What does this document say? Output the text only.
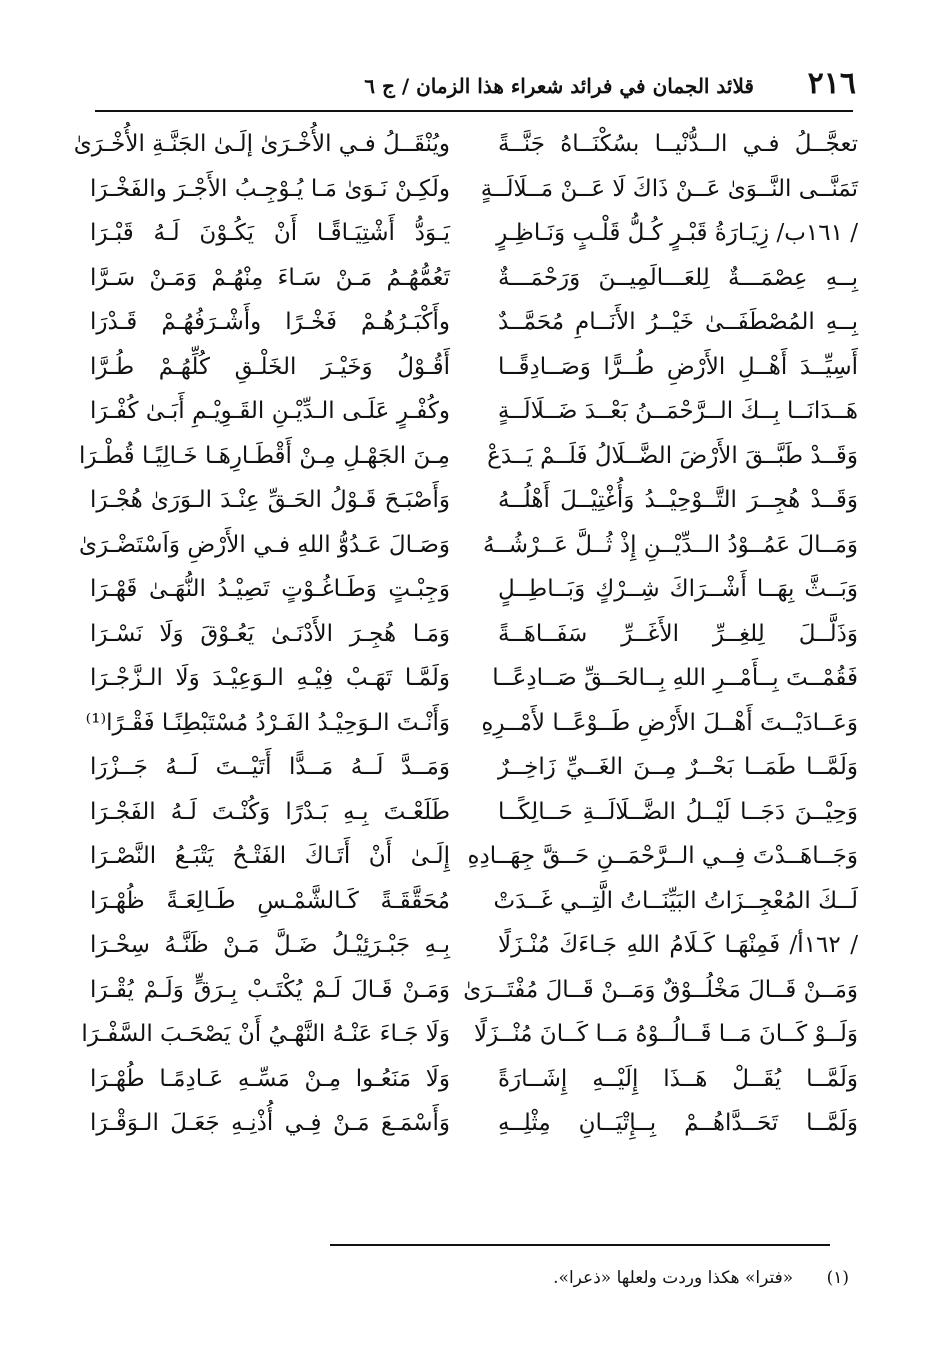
٢١٦
قلائد الجمان في فرائد شعراء هذا الزمان / ج ٦
تعجَّــلُ فـي الــدُّنْيــا بسُكْنَــاهُ جَنَّــةً
ويُنْقَــلُ فـي الأُخْـرَىٰ إلَـىٰ الجَنَّـةِ الأُخْـرَىٰ
تَمَنَّــى النَّــوَىٰ عَــنْ ذَاكَ لَا عَــنْ مَــلَالَــةٍ
ولَكِـنْ نَـوَىٰ مَـا يُـوْجِـبُ الأَجْـرَ والفَخْـرَا
/ ١٦١ب/ زِيَـارَةُ قَبْـرٍ كُـلُّ قَلْـبٍ وَنَـاظِـرٍ
يَـوَدُّ أَشْتِيَـاقًـا أَنْ يَكُـوْنَ لَـهُ قَبْـرَا
بِــهِ عِصْمَـــةٌ لِلعَـــالَمِيــنَ وَرَحْمَـــةٌ
تَعُمُّهُـمُ مَـنْ سَـاءَ مِنْهُـمْ وَمَـنْ سَـرَّا
بِــهِ المُصْطَفَــىٰ خَيْــرُ الأَنَــامِ مُحَمَّــدٌ
وأَكْبَـرُهُـمْ فَخْـرًا وأَشْـرَفُهُـمْ قَـدْرَا
أَسِيِّــدَ أَهْــلِ الأَرْضِ طُــرًّا وَصَــادِقًــا
أَقُـوْلُ وَخَيْـرَ الخَلْـقِ كُلِّهُـمْ طُـرَّا
هَــدَانَــا بِــكَ الــرَّحْمَــنُ بَعْــدَ ضَــلَالَــةٍ
وكُفْـرٍ عَلَـى الـدِّيْـنِ القَـوِيْـمِ أَبَـىٰ كُفْـرَا
وَقَــدْ طَبَّــقَ الأَرْضَ الضَّــلَالُ فَلَــمْ يَــدَعْ
مِـنَ الجَهْـلِ مِـنْ أَقْطَـارِهَـا خَـالِيًـا قُطْـرَا
وَقَــدْ هُجِــرَ التَّــوْحِيْــدُ وَأُغْتِيْــلَ أَهْلُــهُ
وَأَصْبَـحَ قَـوْلُ الحَـقِّ عِنْـدَ الـوَرَىٰ هُجْـرَا
وَمَــالَ عَمُــوْدُ الــدِّيْــنِ إِذْ ثُــلَّ عَــرْشُــهُ
وَصَـالَ عَـدُوُّ اللهِ فـي الأَرْضِ وَاَسْتَضْـرَىٰ
وَبَــثَّ بِهَــا أَشْــرَاكَ شِــرْكٍ وَبَــاطِــلٍ
وَجِبْـتٍ وَطَـاغُـوْتٍ تَصِيْـدُ النُّهَـىٰ قَهْـرَا
وَذَلَّــلَ لِلغِــرِّ الأَغَــرِّ سَفَــاهَــةً
وَمَـا هُجِـرَ الأَدْنَـىٰ يَعُـوْقَ وَلَا نَسْـرَا
فَقُمْــتَ بِــأَمْــرِ اللهِ بِــالحَــقِّ صَــادِعًــا
وَلَمَّـا تَهَـبْ فِيْـهِ الـوَعِيْـدَ وَلَا الـزَّجْـرَا
وَعَــادَيْــتَ أَهْــلَ الأَرْضِ طَــوْعًــا لأَمْــرِهِ
وَأَنْـتَ الـوَحِيْـدُ الفَـرْدُ مُسْتَبْطِنًـا فَقْـرًا⁽¹⁾
وَلَمَّــا طَمَــا بَحْــرٌ مِــنَ الغَــيِّ زَاخِــرٌ
وَمَــدَّ لَــهُ مَــدًّا أَتَيْــتَ لَــهُ جَــزْرَا
وَحِيْــنَ دَجَــا لَيْــلُ الضَّــلَالَــةِ حَــالِكًــا
طَلَعْـتَ بِـهِ بَـدْرًا وَكُنْـتَ لَـهُ الفَجْـرَا
وَجَــاهَــدْتَ فِــي الــرَّحْمَــنِ حَــقَّ جِهَــادِهِ
إِلَـىٰ أَنْ أَتَـاكَ الفَتْـحُ يَتْبَـعُ النَّصْـرَا
لَــكَ المُعْجِــزَاتُ البَيِّنَــاتُ الَّتِــي غَــدَتْ
مُحَقَّقَـةً كَـالشَّمْـسِ طَـالِعَـةً ظُهْـرَا
/ ١٦٢أ/ فَمِنْهَـا كَـلَامُ اللهِ جَـاءَكَ مُنْـزَلًا
بِـهِ جَبْـرَئِيْـلُ ضَـلَّ مَـنْ ظَنَّـهُ سِحْـرَا
وَمَــنْ قَــالَ مَخْلُــوْقٌ وَمَــنْ قَــالَ مُفْتَــرَىٰ
وَمَـنْ قَـالَ لَـمْ يُكْتَـبْ بِـرَقٍّ وَلَـمْ يُقْـرَا
وَلَــوْ كَــانَ مَــا قَــالُــوْهُ مَــا كَــانَ مُنْــزَلًا
وَلَا جَـاءَ عَنْـهُ النَّهْـيُ أَنْ يَصْحَـبَ السَّفْـرَا
وَلَمَّــا يُقَــلْ هَــذَا إِلَيْــهِ إِشَــارَةً
وَلَا مَنَعُـوا مِـنْ مَسِّـهِ عَـادِمًـا طُهْـرَا
وَلَمَّــا تَحَــدَّاهُــمْ بِــإِتْيَــانِ مِثْلِــهِ
وَأَسْمَـعَ مَـنْ فِـي أُذْنِـهِ جَعَـلَ الـوَقْـرَا
(١) «فترا» هكذا وردت ولعلها «ذعرا».
